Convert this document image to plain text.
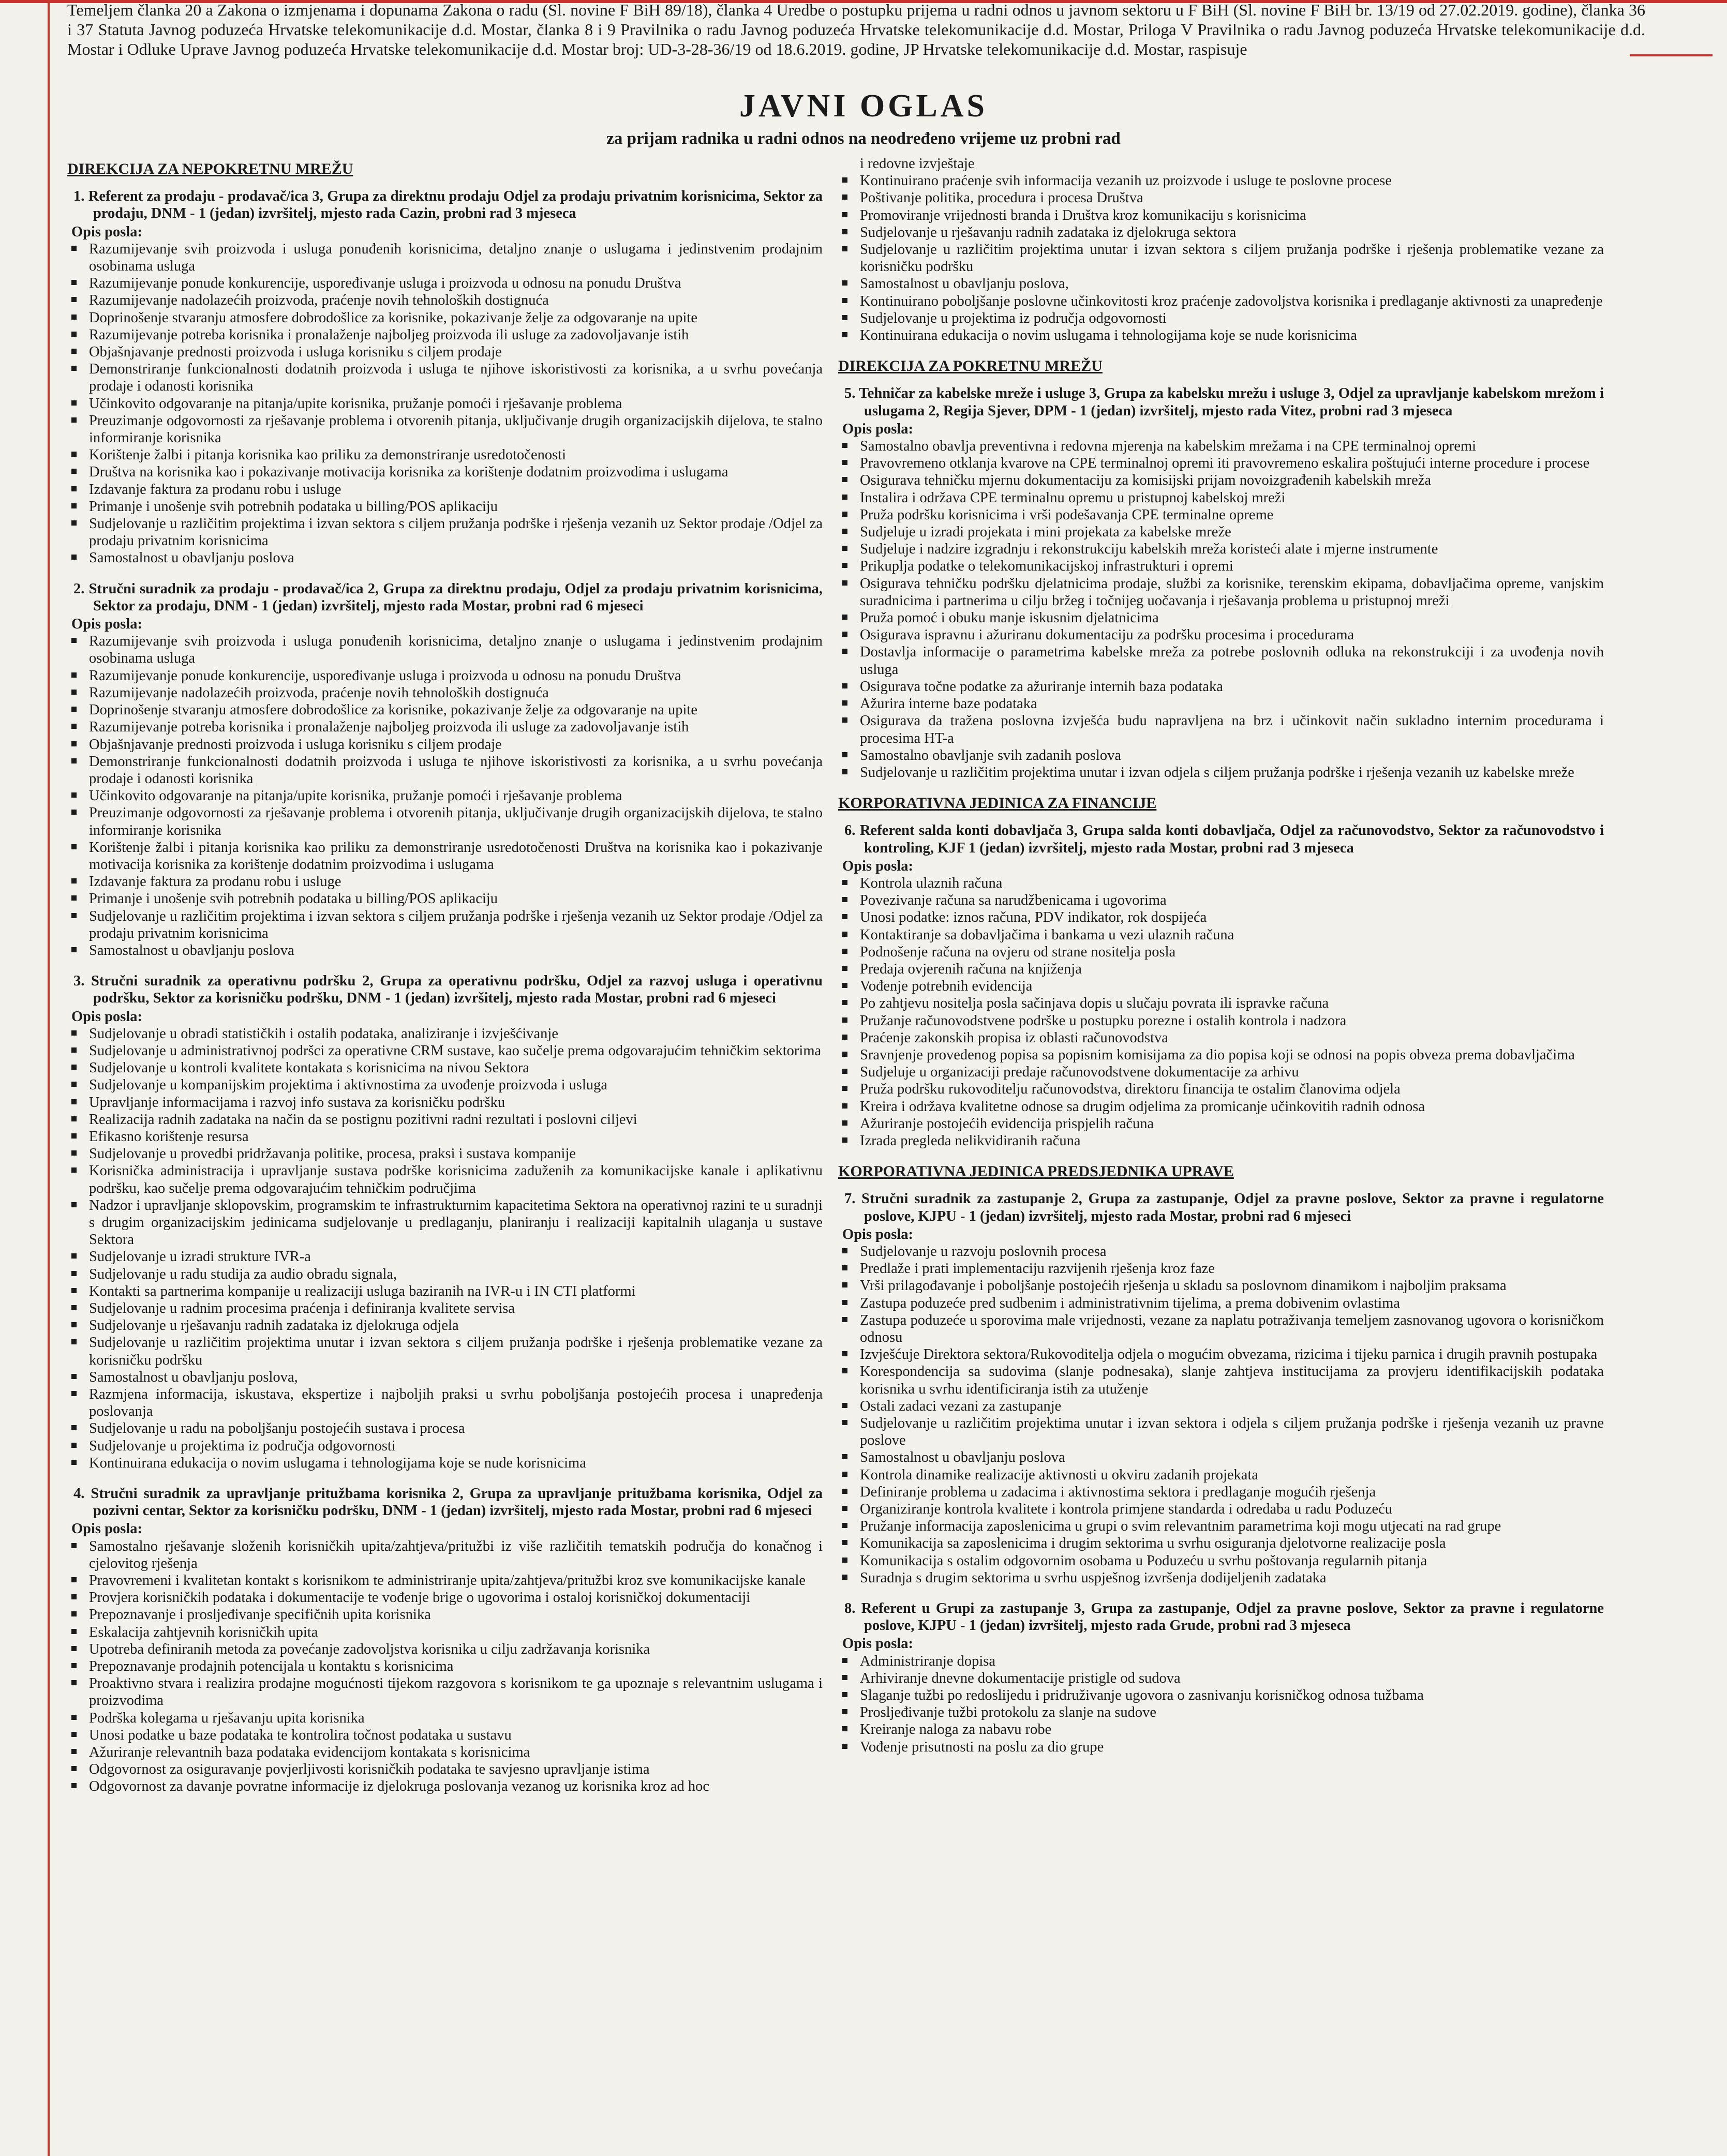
Temeljem članka 20 a Zakona o izmjenama i dopunama Zakona o radu (Sl. novine F BiH 89/18), člankа 4 Uredbe o postupku prijema u radni odnos u javnom sektoru u F BiH (Sl. novine F BiH br. 13/19 od 27.02.2019. godine), članka 36 i 37 Statuta Javnog poduzeća Hrvatske telekomunikacije d.d. Mostar, članka 8 i 9 Pravilnika o radu Javnog poduzeća Hrvatske telekomunikacije d.d. Mostar, Priloga V Pravilnika o radu Javnog poduzeća Hrvatske telekomunikacije d.d. Mostar i Odluke Uprave Javnog poduzeća Hrvatske telekomunikacije d.d. Mostar broj: UD-3-28-36/19 od 18.6.2019. godine, JP Hrvatske telekomunikacije d.d. Mostar, raspisuje

JAVNI OGLAS
za prijam radnika u radni odnos na neodređeno vrijeme uz probni rad
DIREKCIJA ZA NEPOKRETNU MREŽU
1. Referent za prodaju - prodavač/ica 3, Grupa za direktnu prodaju Odjel za prodaju privatnim korisnicima, Sektor za prodaju, DNM - 1 (jedan) izvršitelj, mjesto rada Cazin, probni rad 3 mjeseca
Opis posla:
Razumijevanje svih proizvoda i usluga ponuđenih korisnicima, detaljno znanje o uslugama i jedinstvenim prodajnim osobinama usluga
Razumijevanje ponude konkurencije, uspoređivanje usluga i proizvoda u odnosu na ponudu Društva
Razumijevanje nadolazećih proizvoda, praćenje novih tehnoloških dostignuća
Doprinošenje stvaranju atmosfere dobrodošlice za korisnike, pokazivanje želje za odgovaranje na upite
Razumijevanje potreba korisnika i pronalaženje najboljeg proizvoda ili usluge za zadovoljavanje istih
Objašnjavanje prednosti proizvoda i usluga korisniku s ciljem prodaje
Demonstriranje funkcionalnosti dodatnih proizvoda i usluga te njihove iskoristivosti za korisnika, a u svrhu povećanja prodaje i odanosti korisnika
Učinkovito odgovaranje na pitanja/upite korisnika, pružanje pomoći i rješavanje problema
Preuzimanje odgovornosti za rješavanje problema i otvorenih pitanja, uključivanje drugih organizacijskih dijelova, te stalno informiranje korisnika
Korištenje žalbi i pitanja korisnika kao priliku za demonstriranje usredotočenosti
Društva na korisnika kao i pokazivanje motivacija korisnika za korištenje dodatnim proizvodima i uslugama
Izdavanje faktura za prodanu robu i usluge
Primanje i unošenje svih potrebnih podataka u billing/POS aplikaciju
Sudjelovanje u različitim projektima i izvan sektora s ciljem pružanja podrške i rješenja vezanih uz Sektor prodaje /Odjel za prodaju privatnim korisnicima
Samostalnost u obavljanju poslova
2. Stručni suradnik za prodaju - prodavač/ica 2, Grupa za direktnu prodaju, Odjel za prodaju privatnim korisnicima, Sektor za prodaju, DNM - 1 (jedan) izvršitelj, mjesto rada Mostar, probni rad 6 mjeseci
Opis posla:
Razumijevanje svih proizvoda i usluga ponuđenih korisnicima, detaljno znanje o uslugama i jedinstvenim prodajnim osobinama usluga
Razumijevanje ponude konkurencije, uspoređivanje usluga i proizvoda u odnosu na ponudu Društva
Razumijevanje nadolazećih proizvoda, praćenje novih tehnoloških dostignuća
Doprinošenje stvaranju atmosfere dobrodošlice za korisnike, pokazivanje želje za odgovaranje na upite
Razumijevanje potreba korisnika i pronalaženje najboljeg proizvoda ili usluge za zadovoljavanje istih
Objašnjavanje prednosti proizvoda i usluga korisniku s ciljem prodaje
Demonstriranje funkcionalnosti dodatnih proizvoda i usluga te njihove iskoristivosti za korisnika, a u svrhu povećanja prodaje i odanosti korisnika
Učinkovito odgovaranje na pitanja/upite korisnika, pružanje pomoći i rješavanje problema
Preuzimanje odgovornosti za rješavanje problema i otvorenih pitanja, uključivanje drugih organizacijskih dijelova, te stalno informiranje korisnika
Korištenje žalbi i pitanja korisnika kao priliku za demonstriranje usredotočenosti Društva na korisnika kao i pokazivanje motivacija korisnika za korištenje dodatnim proizvodima i uslugama
Izdavanje faktura za prodanu robu i usluge
Primanje i unošenje svih potrebnih podataka u billing/POS aplikaciju
Sudjelovanje u različitim projektima i izvan sektora s ciljem pružanja podrške i rješenja vezanih uz Sektor prodaje /Odjel za prodaju privatnim korisnicima
Samostalnost u obavljanju poslova
3. Stručni suradnik za operativnu podršku 2, Grupa za operativnu podršku, Odjel za razvoj usluga i operativnu podršku, Sektor za korisničku podršku, DNM - 1 (jedan) izvršitelj, mjesto rada Mostar, probni rad 6 mjeseci
Opis posla:
Sudjelovanje u obradi statističkih i ostalih podataka, analiziranje i izvješćivanje
Sudjelovanje u administrativnoj podršci za operativne CRM sustave, kao sučelje prema odgovarajućim tehničkim sektorima
Sudjelovanje u kontroli kvalitete kontakata s korisnicima na nivou Sektora
Sudjelovanje u kompanijskim projektima i aktivnostima za uvođenje proizvoda i usluga
Upravljanje informacijama i razvoj info sustava za korisničku podršku
Realizacija radnih zadataka na način da se postignu pozitivni radni rezultati i poslovni ciljevi
Efikasno korištenje resursa
Sudjelovanje u provedbi pridržavanja politike, procesa, praksi i sustava kompanije
Korisnička administracija i upravljanje sustava podrške korisnicima zaduženih za komunikacijske kanale i aplikativnu podršku, kao sučelje prema odgovarajućim tehničkim područjima
Nadzor i upravljanje sklopovskim, programskim te infrastrukturnim kapacitetima Sektora na operativnoj razini te u suradnji s drugim organizacijskim jedinicama sudjelovanje u predlaganju, planiranju i realizaciji kapitalnih ulaganja u sustave Sektora
Sudjelovanje u izradi strukture IVR-a
Sudjelovanje u radu studija za audio obradu signala,
Kontakti sa partnerima kompanije u realizaciji usluga baziranih na IVR-u i IN CTI platformi
Sudjelovanje u radnim procesima praćenja i definiranja kvalitete servisa
Sudjelovanje u rješavanju radnih zadataka iz djelokruga odjela
Sudjelovanje u različitim projektima unutar i izvan sektora s ciljem pružanja podrške i rješenja problematike vezane za korisničku podršku
Samostalnost u obavljanju poslova,
Razmjena informacija, iskustava, ekspertize i najboljih praksi u svrhu poboljšanja postojećih procesa i unapređenja poslovanja
Sudjelovanje u radu na poboljšanju postojećih sustava i procesa
Sudjelovanje u projektima iz područja odgovornosti
Kontinuirana edukacija o novim uslugama i tehnologijama koje se nude korisnicima
4. Stručni suradnik za upravljanje pritužbama korisnika 2, Grupa za upravljanje pritužbama korisnika, Odjel za pozivni centar, Sektor za korisničku podršku, DNM - 1 (jedan) izvršitelj, mjesto rada Mostar, probni rad 6 mjeseci
Opis posla:
Samostalno rješavanje složenih korisničkih upita/zahtjeva/pritužbi iz više različitih tematskih područja do konačnog i cjelovitog rješenja
Pravovremeni i kvalitetan kontakt s korisnikom te administriranje upita/zahtjeva/pritužbi kroz sve komunikacijske kanale
Provjera korisničkih podataka i dokumentacije te vođenje brige o ugovorima i ostaloj korisničkoj dokumentaciji
Prepoznavanje i prosljeđivanje specifičnih upita korisnika
Eskalacija zahtjevnih korisničkih upita
Upotreba definiranih metoda za povećanje zadovoljstva korisnika u cilju zadržavanja korisnika
Prepoznavanje prodajnih potencijala u kontaktu s korisnicima
Proaktivno stvara i realizira prodajne mogućnosti tijekom razgovora s korisnikom te ga upoznaje s relevantnim uslugama i proizvodima
Podrška kolegama u rješavanju upita korisnika
Unosi podatke u baze podataka te kontrolira točnost podataka u sustavu
Ažuriranje relevantnih baza podataka evidencijom kontakata s korisnicima
Odgovornost za osiguravanje povjerljivosti korisničkih podataka te savjesno upravljanje istima
Odgovornost za davanje povratne informacije iz djelokruga poslovanja vezanog uz korisnika kroz ad hoc
i redovne izvještaje
Kontinuirano praćenje svih informacija vezanih uz proizvode i usluge te poslovne procese
Poštivanje politika, procedura i procesa Društva
Promoviranje vrijednosti branda i Društva kroz komunikaciju s korisnicima
Sudjelovanje u rješavanju radnih zadataka iz djelokruga sektora
Sudjelovanje u različitim projektima unutar i izvan sektora s ciljem pružanja podrške i rješenja problematike vezane za korisničku podršku
Samostalnost u obavljanju poslova,
Kontinuirano poboljšanje poslovne učinkovitosti kroz praćenje zadovoljstva korisnika i predlaganje aktivnosti za unapređenje
Sudjelovanje u projektima iz područja odgovornosti
Kontinuirana edukacija o novim uslugama i tehnologijama koje se nude korisnicima
DIREKCIJA ZA POKRETNU MREŽU
5. Tehničar za kabelske mreže i usluge 3, Grupa za kabelsku mrežu i usluge 3, Odjel za upravljanje kabelskom mrežom i uslugama 2, Regija Sjever, DPM - 1 (jedan) izvršitelj, mjesto rada Vitez, probni rad 3 mjeseca
Opis posla:
Samostalno obavlja preventivna i redovna mjerenja na kabelskim mrežama i na CPE terminalnoj opremi
Pravovremeno otklanja kvarove na CPE terminalnoj opremi iti pravovremeno eskalira poštujući interne procedure i procese
Osigurava tehničku mjernu dokumentaciju za komisijski prijam novoizgrađenih kabelskih mreža
Instalira i održava CPE terminalnu opremu u pristupnoj kabelskoj mreži
Pruža podršku korisnicima i vrši podešavanja CPE terminalne opreme
Sudjeluje u izradi projekata i mini projekata za kabelske mreže
Sudjeluje i nadzire izgradnju i rekonstrukciju kabelskih mreža koristeći alate i mjerne instrumente
Prikuplja podatke o telekomunikacijskoj infrastrukturi i opremi
Osigurava tehničku podršku djelatnicima prodaje, službi za korisnike, terenskim ekipama, dobavljačima opreme, vanjskim suradnicima i partnerima u cilju bržeg i točnijeg uočavanja i rješavanja problema u pristupnoj mreži
Pruža pomoć i obuku manje iskusnim djelatnicima
Osigurava ispravnu i ažuriranu dokumentaciju za podršku procesima i procedurama
Dostavlja informacije o parametrima kabelske mreža za potrebe poslovnih odluka na rekonstrukciji i za uvođenja novih usluga
Osigurava točne podatke za ažuriranje internih baza podataka
Ažurira interne baze podataka
Osigurava da tražena poslovna izvješća budu napravljena na brz i učinkovit način sukladno internim procedurama i procesima HT-a
Samostalno obavljanje svih zadanih poslova
Sudjelovanje u različitim projektima unutar i izvan odjela s ciljem pružanja podrške i rješenja vezanih uz kabelske mreže
KORPORATIVNA JEDINICA ZA FINANCIJE
6. Referent salda konti dobavljača 3, Grupa salda konti dobavljača, Odjel za računovodstvo, Sektor za računovodstvo i kontroling, KJF 1 (jedan) izvršitelj, mjesto rada Mostar, probni rad 3 mjeseca
Opis posla:
Kontrola ulaznih računa
Povezivanje računa sa narudžbenicama i ugovorima
Unosi podatke: iznos računa, PDV indikator, rok dospijeća
Kontaktiranje sa dobavljačima i bankama u vezi ulaznih računa
Podnošenje računa na ovjeru od strane nositelja posla
Predaja ovjerenih računa na knjiženja
Vođenje potrebnih evidencija
Po zahtjevu nositelja posla sačinjava dopis u slučaju povrata ili ispravke računa
Pružanje računovodstvene podrške u postupku porezne i ostalih kontrola i nadzora
Praćenje zakonskih propisa iz oblasti računovodstva
Sravnjenje provedenog popisa sa popisnim komisijama za dio popisa koji se odnosi na popis obveza prema dobavljačima
Sudjeluje u organizaciji predaje računovodstvene dokumentacije za arhivu
Pruža podršku rukovoditelju računovodstva, direktoru financija te ostalim članovima odjela
Kreira i održava kvalitetne odnose sa drugim odjelima za promicanje učinkovitih radnih odnosa
Ažuriranje postojećih evidencija prispjelih računa
Izrada pregleda nelikvidiranih računa
KORPORATIVNA JEDINICA PREDSJEDNIKA UPRAVE
7. Stručni suradnik za zastupanje 2, Grupa za zastupanje, Odjel za pravne poslove, Sektor za pravne i regulatorne poslove, KJPU - 1 (jedan) izvršitelj, mjesto rada Mostar, probni rad 6 mjeseci
Opis posla:
Sudjelovanje u razvoju poslovnih procesa
Predlaže i prati implementaciju razvijenih rješenja kroz faze
Vrši prilagođavanje i poboljšanje postojećih rješenja u skladu sa poslovnom dinamikom i najboljim praksama
Zastupa poduzeće pred sudbenim i administrativnim tijelima, a prema dobivenim ovlastima
Zastupa poduzeće u sporovima male vrijednosti, vezane za naplatu potraživanja temeljem zasnovanog ugovora o korisničkom odnosu
Izvješćuje Direktora sektora/Rukovoditelja odjela o mogućim obvezama, rizicima i tijeku parnica i drugih pravnih postupaka
Korespondencija sa sudovima (slanje podnesaka), slanje zahtjeva institucijama za provjeru identifikacijskih podataka korisnika u svrhu identificiranja istih za utuženje
Ostali zadaci vezani za zastupanje
Sudjelovanje u različitim projektima unutar i izvan sektora i odjela s ciljem pružanja podrške i rješenja vezanih uz pravne poslove
Samostalnost u obavljanju poslova
Kontrola dinamike realizacije aktivnosti u okviru zadanih projekata
Definiranje problema u zadacima i aktivnostima sektora i predlaganje mogućih rješenja
Organiziranje kontrola kvalitete i kontrola primjene standarda i odredaba u radu Poduzeću
Pružanje informacija zaposlenicima u grupi o svim relevantnim parametrima koji mogu utjecati na rad grupe
Komunikacija sa zaposlenicima i drugim sektorima u svrhu osiguranja djelotvorne realizacije posla
Komunikacija s ostalim odgovornim osobama u Poduzeću u svrhu poštovanja regularnih pitanja
Suradnja s drugim sektorima u svrhu uspješnog izvršenja dodijeljenih zadataka
8. Referent u Grupi za zastupanje 3, Grupa za zastupanje, Odjel za pravne poslove, Sektor za pravne i regulatorne poslove, KJPU - 1 (jedan) izvršitelj, mjesto rada Grude, probni rad 3 mjeseca
Opis posla:
Administriranje dopisa
Arhiviranje dnevne dokumentacije pristigle od sudova
Slaganje tužbi po redoslijedu i pridruživanje ugovora o zasnivanju korisničkog odnosa tužbama
Prosljeđivanje tužbi protokolu za slanje na sudove
Kreiranje naloga za nabavu robe
Vođenje prisutnosti na poslu za dio grupe
